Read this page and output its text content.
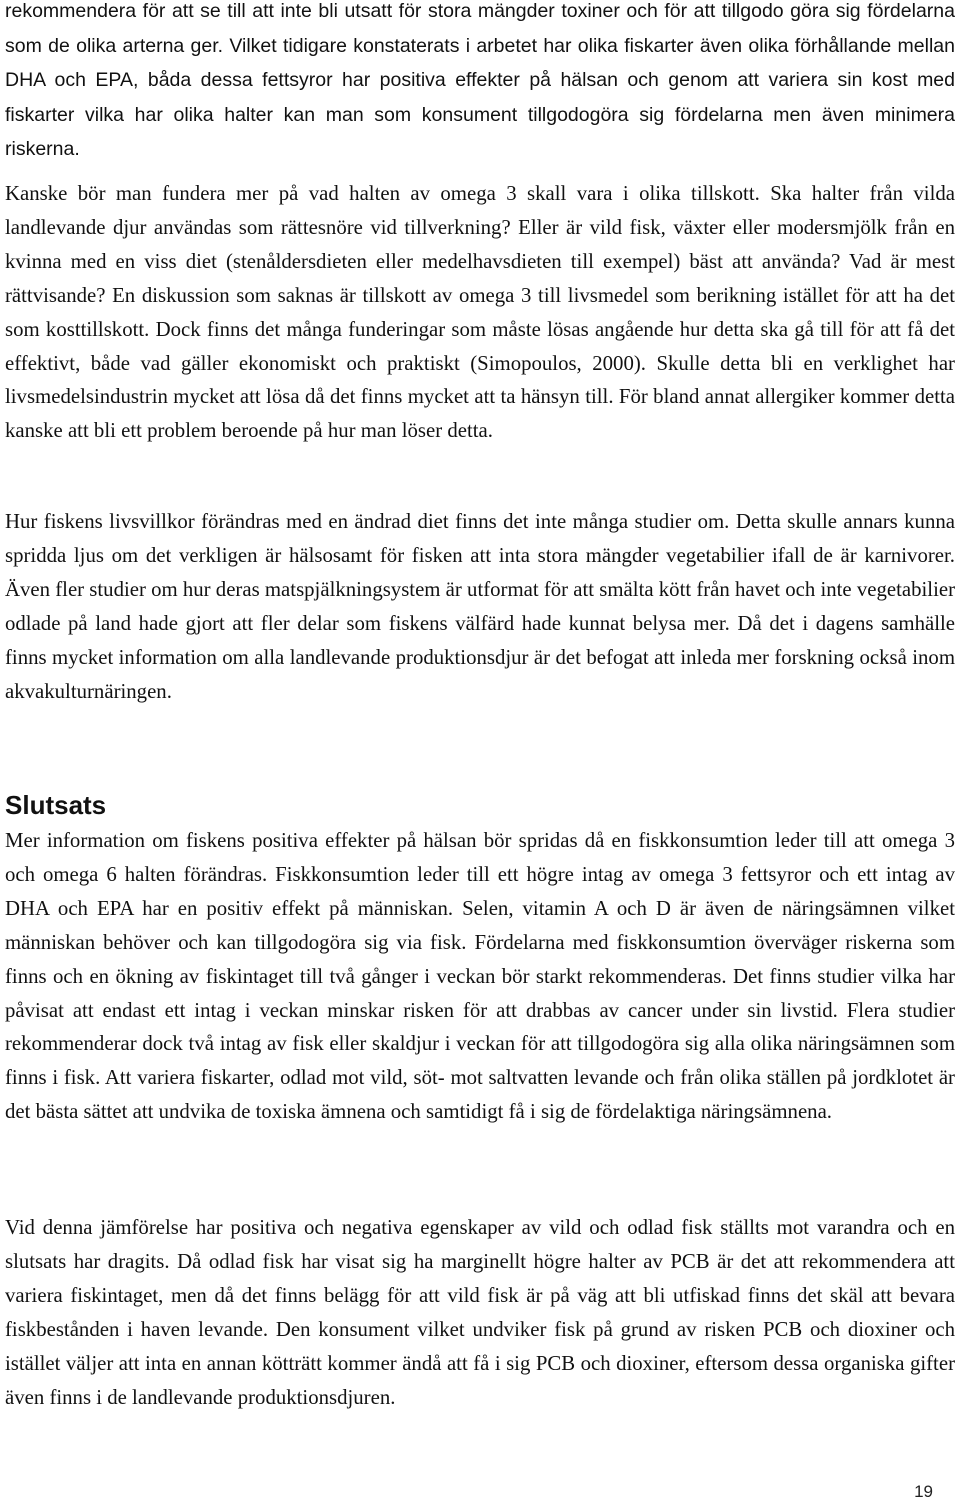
rekommendera för att se till att inte bli utsatt för stora mängder toxiner och för att tillgodo göra sig fördelarna som de olika arterna ger. Vilket tidigare konstaterats i arbetet har olika fiskarter även olika förhållande mellan DHA och EPA, båda dessa fettsyror har positiva effekter på hälsan och genom att variera sin kost med fiskarter vilka har olika halter kan man som konsument tillgodogöra sig fördelarna men även minimera riskerna.

Kanske bör man fundera mer på vad halten av omega 3 skall vara i olika tillskott. Ska halter från vilda landlevande djur användas som rättesnöre vid tillverkning? Eller är vild fisk, växter eller modersmjölk från en kvinna med en viss diet (stenåldersdieten eller medelhavsdieten till exempel) bäst att använda? Vad är mest rättvisande? En diskussion som saknas är tillskott av omega 3 till livsmedel som berikning istället för att ha det som kosttillskott. Dock finns det många funderingar som måste lösas angående hur detta ska gå till för att få det effektivt, både vad gäller ekonomiskt och praktiskt (Simopoulos, 2000). Skulle detta bli en verklighet har livsmedelsindustrin mycket att lösa då det finns mycket att ta hänsyn till. För bland annat allergiker kommer detta kanske att bli ett problem beroende på hur man löser detta.

Hur fiskens livsvillkor förändras med en ändrad diet finns det inte många studier om. Detta skulle annars kunna spridda ljus om det verkligen är hälsosamt för fisken att inta stora mängder vegetabilier ifall de är karnivorer. Även fler studier om hur deras matspjälkningsystem är utformat för att smälta kött från havet och inte vegetabilier odlade på land hade gjort att fler delar som fiskens välfärd hade kunnat belysa mer. Då det i dagens samhälle finns mycket information om alla landlevande produktionsdjur är det befogat att inleda mer forskning också inom akvakulturnäringen.

Slutsats

Mer information om fiskens positiva effekter på hälsan bör spridas då en fiskkonsumtion leder till att omega 3 och omega 6 halten förändras. Fiskkonsumtion leder till ett högre intag av omega 3 fettsyror och ett intag av DHA och EPA har en positiv effekt på människan. Selen, vitamin A och D är även de näringsämnen vilket människan behöver och kan tillgodogöra sig via fisk. Fördelarna med fiskkonsumtion överväger riskerna som finns och en ökning av fiskintaget till två gånger i veckan bör starkt rekommenderas. Det finns studier vilka har påvisat att endast ett intag i veckan minskar risken för att drabbas av cancer under sin livstid. Flera studier rekommenderar dock två intag av fisk eller skaldjur i veckan för att tillgodogöra sig alla olika näringsämnen som finns i fisk. Att variera fiskarter, odlad mot vild, söt- mot saltvatten levande och från olika ställen på jordklotet är det bästa sättet att undvika de toxiska ämnena och samtidigt få i sig de fördelaktiga näringsämnena.

Vid denna jämförelse har positiva och negativa egenskaper av vild och odlad fisk ställts mot varandra och en slutsats har dragits. Då odlad fisk har visat sig ha marginellt högre halter av PCB är det att rekommendera att variera fiskintaget, men då det finns belägg för att vild fisk är på väg att bli utfiskad finns det skäl att bevara fiskbestånden i haven levande. Den konsument vilket undviker fisk på grund av risken PCB och dioxiner och istället väljer att inta en annan kötträtt kommer ändå att få i sig PCB och dioxiner, eftersom dessa organiska gifter även finns i de landlevande produktionsdjuren.

19
